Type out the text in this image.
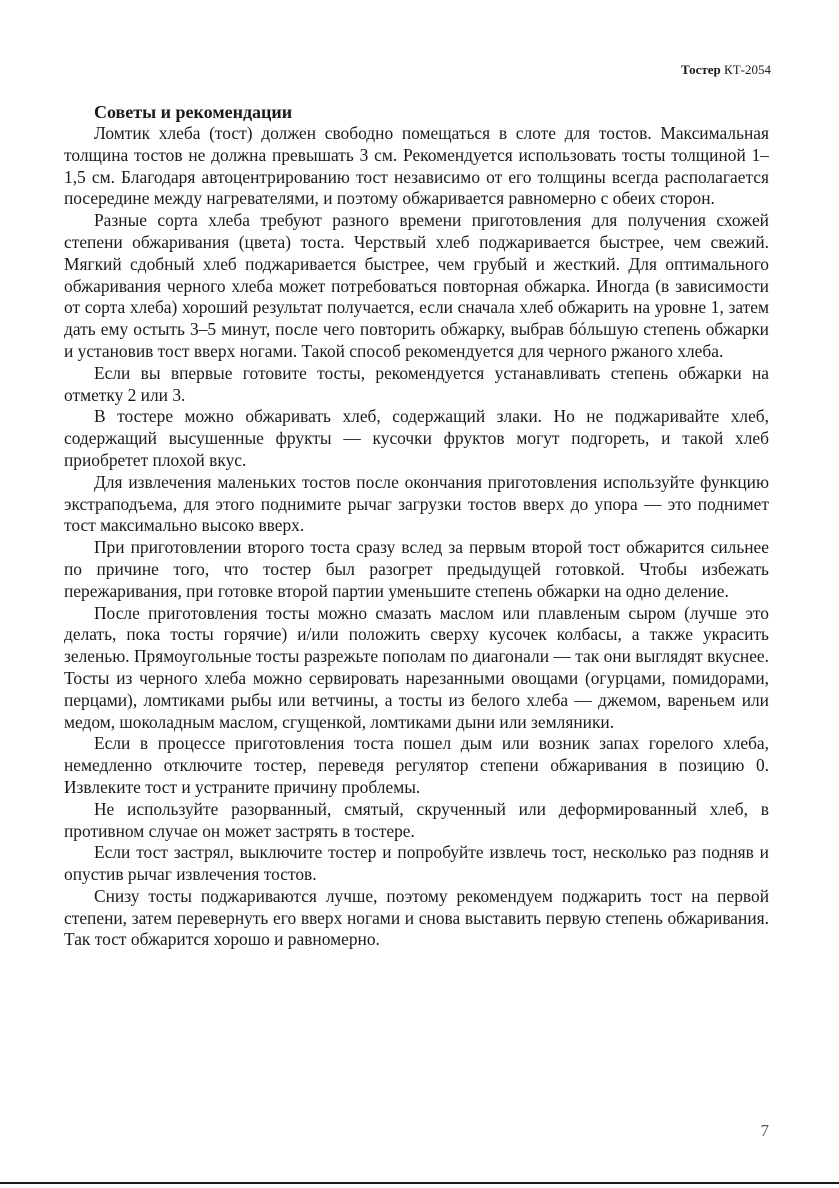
Тостер КТ-2054
Советы и рекомендации

Ломтик хлеба (тост) должен свободно помещаться в слоте для тостов. Максимальная толщина тостов не должна превышать 3 см. Рекомендуется использовать тосты толщиной 1–1,5 см. Благодаря автоцентрированию тост независимо от его толщины всегда располагается посередине между нагревателями, и поэтому обжаривается равномерно с обеих сторон.

Разные сорта хлеба требуют разного времени приготовления для получения схожей степени обжаривания (цвета) тоста. Черствый хлеб поджаривается быстрее, чем свежий. Мягкий сдобный хлеб поджаривается быстрее, чем грубый и жесткий. Для оптимального обжаривания черного хлеба может потребоваться повторная обжарка. Иногда (в зависимости от сорта хлеба) хороший результат получается, если сначала хлеб обжарить на уровне 1, затем дать ему остыть 3–5 минут, после чего повторить обжарку, выбрав бóльшую степень обжарки и установив тост вверх ногами. Такой способ рекомендуется для черного ржаного хлеба.

Если вы впервые готовите тосты, рекомендуется устанавливать степень обжарки на отметку 2 или 3.

В тостере можно обжаривать хлеб, содержащий злаки. Но не поджаривайте хлеб, содержащий высушенные фрукты — кусочки фруктов могут подгореть, и такой хлеб приобретет плохой вкус.

Для извлечения маленьких тостов после окончания приготовления используйте функцию экстраподъема, для этого поднимите рычаг загрузки тостов вверх до упора — это поднимет тост максимально высоко вверх.

При приготовлении второго тоста сразу вслед за первым второй тост обжарится сильнее по причине того, что тостер был разогрет предыдущей готовкой. Чтобы избежать пережаривания, при готовке второй партии уменьшите степень обжарки на одно деление.

После приготовления тосты можно смазать маслом или плавленым сыром (лучше это делать, пока тосты горячие) и/или положить сверху кусочек колбасы, а также украсить зеленью. Прямоугольные тосты разрежьте пополам по диагонали — так они выглядят вкуснее. Тосты из черного хлеба можно сервировать нарезанными овощами (огурцами, помидорами, перцами), ломтиками рыбы или ветчины, а тосты из белого хлеба — джемом, вареньем или медом, шоколадным маслом, сгущенкой, ломтиками дыни или земляники.

Если в процессе приготовления тоста пошел дым или возник запах горелого хлеба, немедленно отключите тостер, переведя регулятор степени обжаривания в позицию 0. Извлеките тост и устраните причину проблемы.

Не используйте разорванный, смятый, скрученный или деформированный хлеб, в противном случае он может застрять в тостере.

Если тост застрял, выключите тостер и попробуйте извлечь тост, несколько раз подняв и опустив рычаг извлечения тостов.

Снизу тосты поджариваются лучше, поэтому рекомендуем поджарить тост на первой степени, затем перевернуть его вверх ногами и снова выставить первую степень обжаривания. Так тост обжарится хорошо и равномерно.

7
